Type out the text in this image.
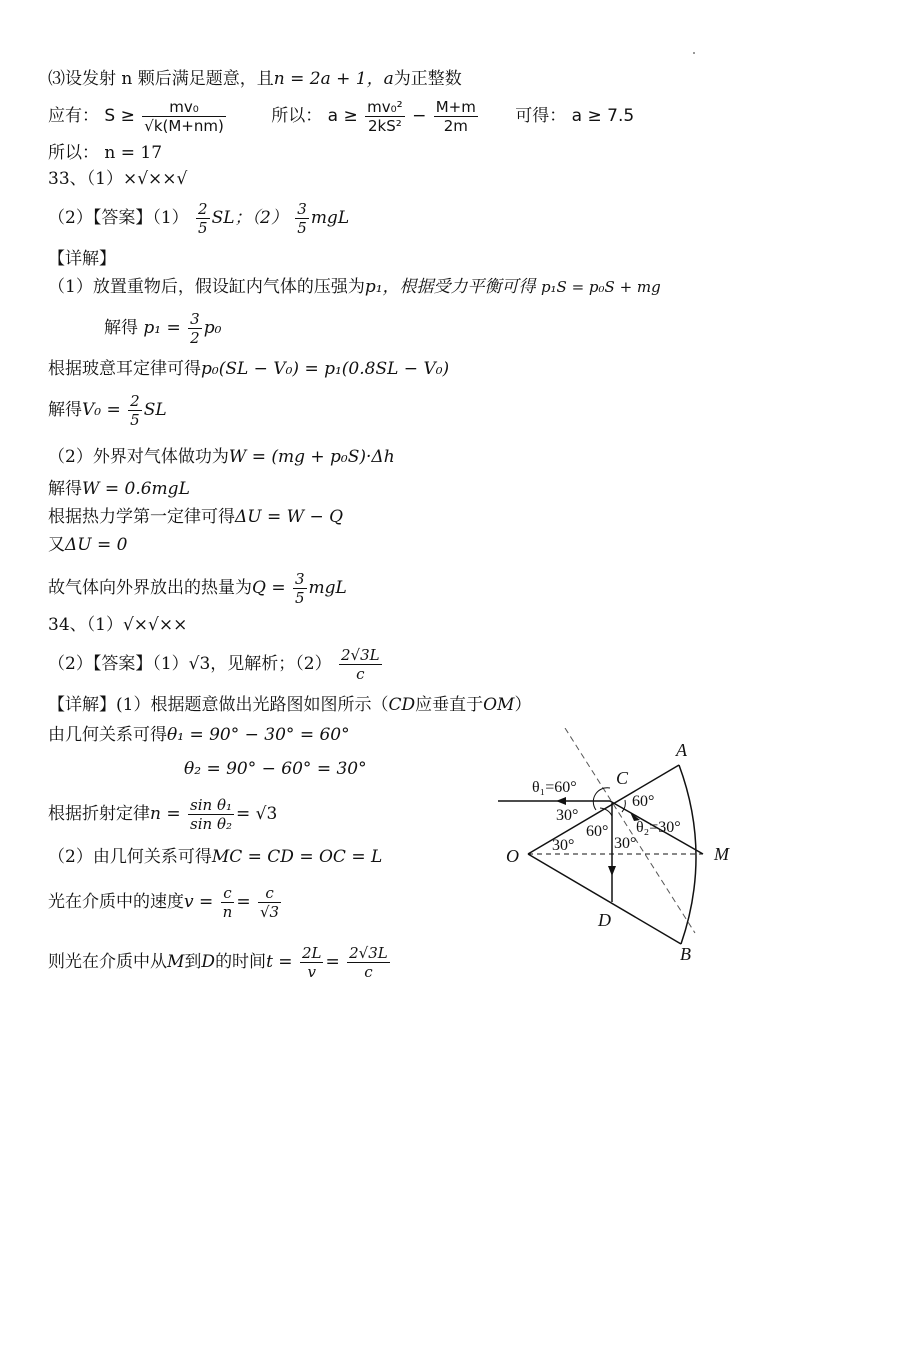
⑶设发射 n 颗后满足题意，且n = 2a + 1，a为正整数
应有： $S \ge \frac{\text{mv₀}}{√k(M+nm)}$	所以： $a \ge \frac{\text{mv₀²}}{\text{2kS²}} - \frac{M+m}{2m}$ 可得： a ≥ 7.5
所以： n = 17
33、（1）×√××√
（2）【答案】$(1) \frac{2}{5}$ SL；$(2) \frac{3}{5}$ mgL
【详解】
（1）放置重物后，假设缸内气体的压强为p₁，根据受力平衡可得 p₁S = p₀S + mg
解得 $p_1 = \frac{3}{2} p_0$
根据玻意耳定律可得p₀(SL − V₀) = p₁(0.8SL − V₀)
解得$V_0 = \frac{2}{5}$ SL
（2）外界对气体做功为W = (mg + p₀S)·Δh
解得W = 0.6mgL
根据热力学第一定律可得ΔU = W − Q
又ΔU = 0
故气体向外界放出的热量为$Q = \frac{3}{5}$ mgL
34、（1）√×√××
（2）【答案】（1）√3，见解析；$(2) \frac{2√3L}{c}$
【详解】(1）根据题意做出光路图如图所示（CD应垂直于OM）
由几何关系可得θ₁ = 90° − 30° = 60°
θ₂ = 90° − 60° = 30°
根据折射定律$n = \frac{\text{sin θ₁}}{\text{sin θ₂}} = √3$
（2）由几何关系可得MC = CD = OC = L
光在介质中的速度$v = \frac{c}{n} = \frac{c}{√3}$
则光在介质中从M到D的时间$t = \frac{2L}{v} = \frac{2√3L}{c}$
A
B
C
D
M
O
θ₁=60°
60°
θ₂=30°
30°
60°
30°
30°
